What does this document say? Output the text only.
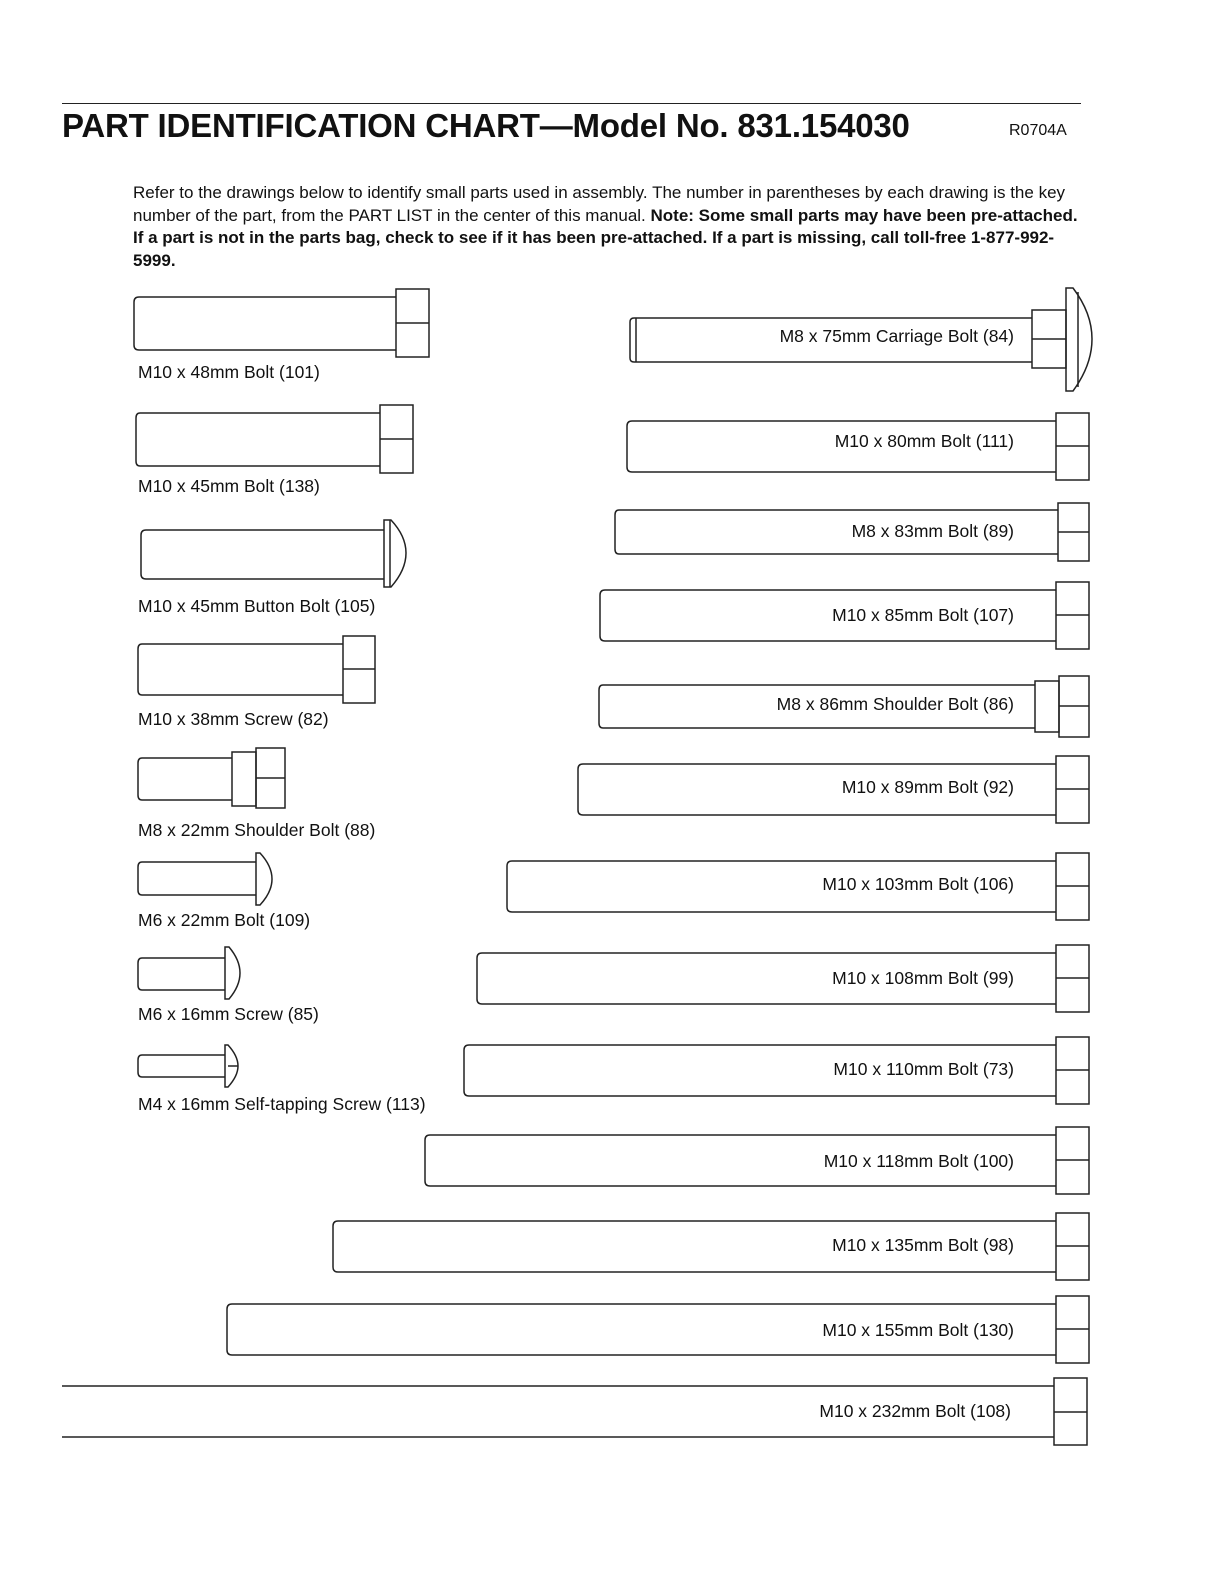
PART IDENTIFICATION CHART—Model No. 831.154030	R0704A
Refer to the drawings below to identify small parts used in assembly. The number in parentheses by each drawing is the key number of the part, from the PART LIST in the center of this manual. Note: Some small parts may have been pre-attached. If a part is not in the parts bag, check to see if it has been pre-attached. If a part is missing, call toll-free 1-877-992-5999.
M10 x 48mm Bolt (101)
M10 x 45mm Bolt (138)
M10 x 45mm Button Bolt (105)
M10 x 38mm Screw (82)
M8 x 22mm Shoulder Bolt (88)
M6 x 22mm Bolt (109)
M6 x 16mm Screw (85)
M4 x 16mm Self-tapping Screw (113)
M8 x 75mm Carriage Bolt (84)
M10 x 80mm Bolt (111)
M8 x 83mm Bolt (89)
M10 x 85mm Bolt (107)
M8 x 86mm Shoulder Bolt (86)
M10 x 89mm Bolt (92)
M10 x 103mm Bolt (106)
M10 x 108mm Bolt (99)
M10 x 110mm Bolt (73)
M10 x 118mm Bolt (100)
M10 x 135mm Bolt (98)
M10 x 155mm Bolt (130)
M10 x 232mm Bolt (108)
